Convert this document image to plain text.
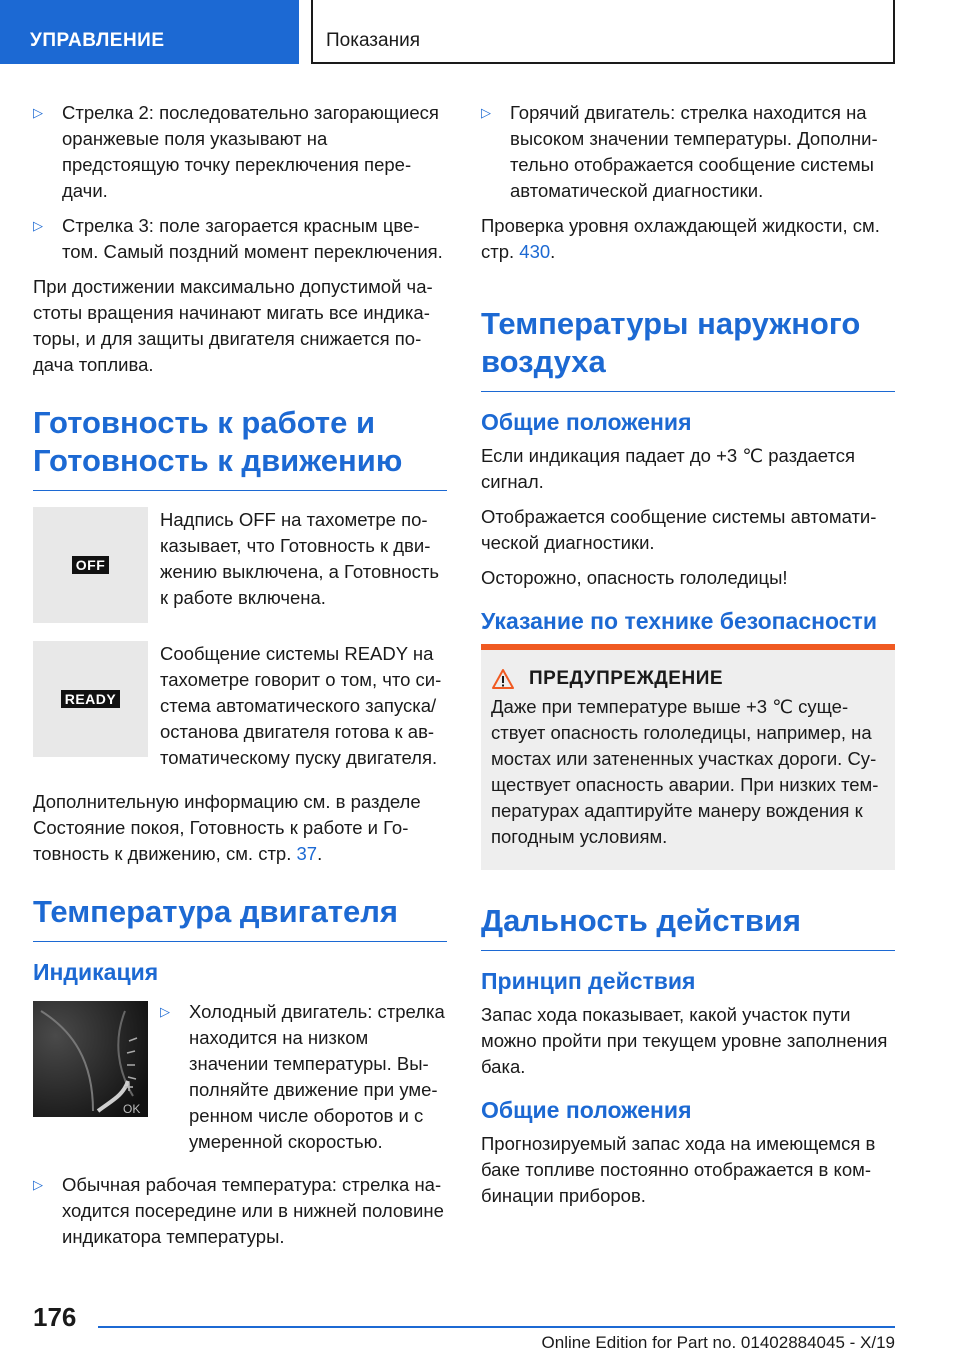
УПРАВЛЕНИЕ	Показания
▷ Стрелка 2: последовательно загорающиеся оранжевые поля указывают на предстоящую точку переключения передачи.
▷ Стрелка 3: поле загорается красным цветом. Самый поздний момент переключения.

При достижении максимально допустимой частоты вращения начинают мигать все индикаторы, и для защиты двигателя снижается подача топлива.

Готовность к работе и Готовность к движению
OFF
Надпись OFF на тахометре показывает, что Готовность к движению выключена, а Готовность к работе включена.
READY
Сообщение системы READY на тахометре говорит о том, что система автоматического запуска/ останова двигателя готова к автоматическому пуску двигателя.

Дополнительную информацию см. в разделе Состояние покоя, Готовность к работе и Готовность к движению, см. стр. 37.

Температура двигателя
Индикация
OK
▷ Холодный двигатель: стрелка находится на низком значении температуры. Выполняйте движение при умеренном числе оборотов и с умеренной скоростью.
▷ Обычная рабочая температура: стрелка находится посередине или в нижней половине индикатора температуры.
▷ Горячий двигатель: стрелка находится на высоком значении температуры. Дополнительно отображается сообщение системы автоматической диагностики.

Проверка уровня охлаждающей жидкости, см. стр. 430.

Температуры наружного воздуха
Общие положения

Если индикация падает до +3 ℃ раздается сигнал.

Отображается сообщение системы автоматической диагностики.

Осторожно, опасность гололедицы!

Указание по технике безопасности
ПРЕДУПРЕЖДЕНИЕ

Даже при температуре выше +3 ℃ существует опасность гололедицы, например, на мостах или затененных участках дороги. Существует опасность аварии. При низких температурах адаптируйте манеру вождения к погодным условиям.

Дальность действия
Принцип действия

Запас хода показывает, какой участок пути можно пройти при текущем уровне заполнения бака.

Общие положения

Прогнозируемый запас хода на имеющемся в баке топливе постоянно отображается в комбинации приборов.

176
Online Edition for Part no. 01402884045 - X/19
